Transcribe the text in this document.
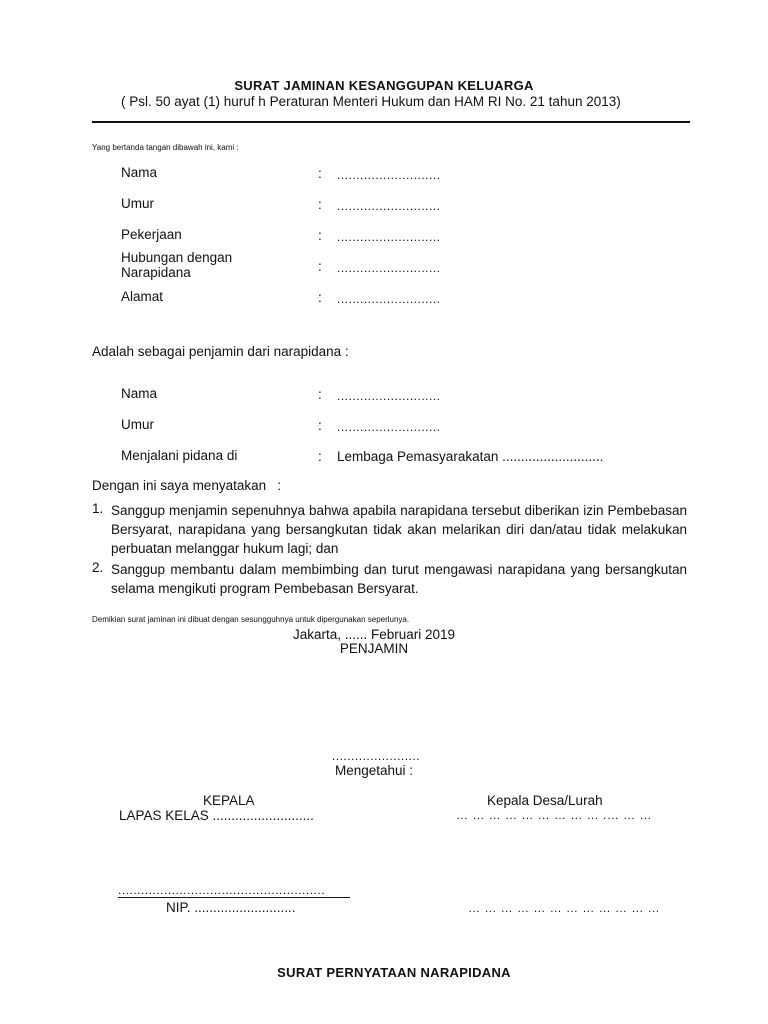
SURAT JAMINAN KESANGGUPAN KELUARGA
( Psl. 50 ayat (1) huruf h Peraturan Menteri Hukum dan HAM RI No. 21 tahun 2013)
Yang bertanda tangan dibawah ini, kami :
Nama	: ...........................
Umur	: ...........................
Pekerjaan	: ...........................
Hubungan dengan
Narapidana	: ...........................
Alamat	: ...........................
Adalah sebagai penjamin dari narapidana :
Nama	: ...........................
Umur	: ...........................
Menjalani pidana di	: Lembaga Pemasyarakatan ...........................
Dengan ini saya menyatakan   :
1. Sanggup menjamin sepenuhnya bahwa apabila narapidana tersebut diberikan izin Pembebasan Bersyarat, narapidana yang bersangkutan tidak akan melarikan diri dan/atau tidak melakukan perbuatan melanggar hukum lagi; dan
2. Sanggup membantu dalam membimbing dan turut mengawasi narapidana yang bersangkutan selama mengikuti program Pembebasan Bersyarat.
Demikian surat jaminan ini dibuat dengan sesungguhnya untuk dipergunakan seperlunya.
Jakarta, ...... Februari 2019
PENJAMIN
.......................
Mengetahui :
KEPALA
LAPAS KELAS ...........................
......................................................
NIP. ...........................
Kepala Desa/Lurah
… … … … … … … … … .… … …
… … … … … … … … … … … …
SURAT PERNYATAAN NARAPIDANA
